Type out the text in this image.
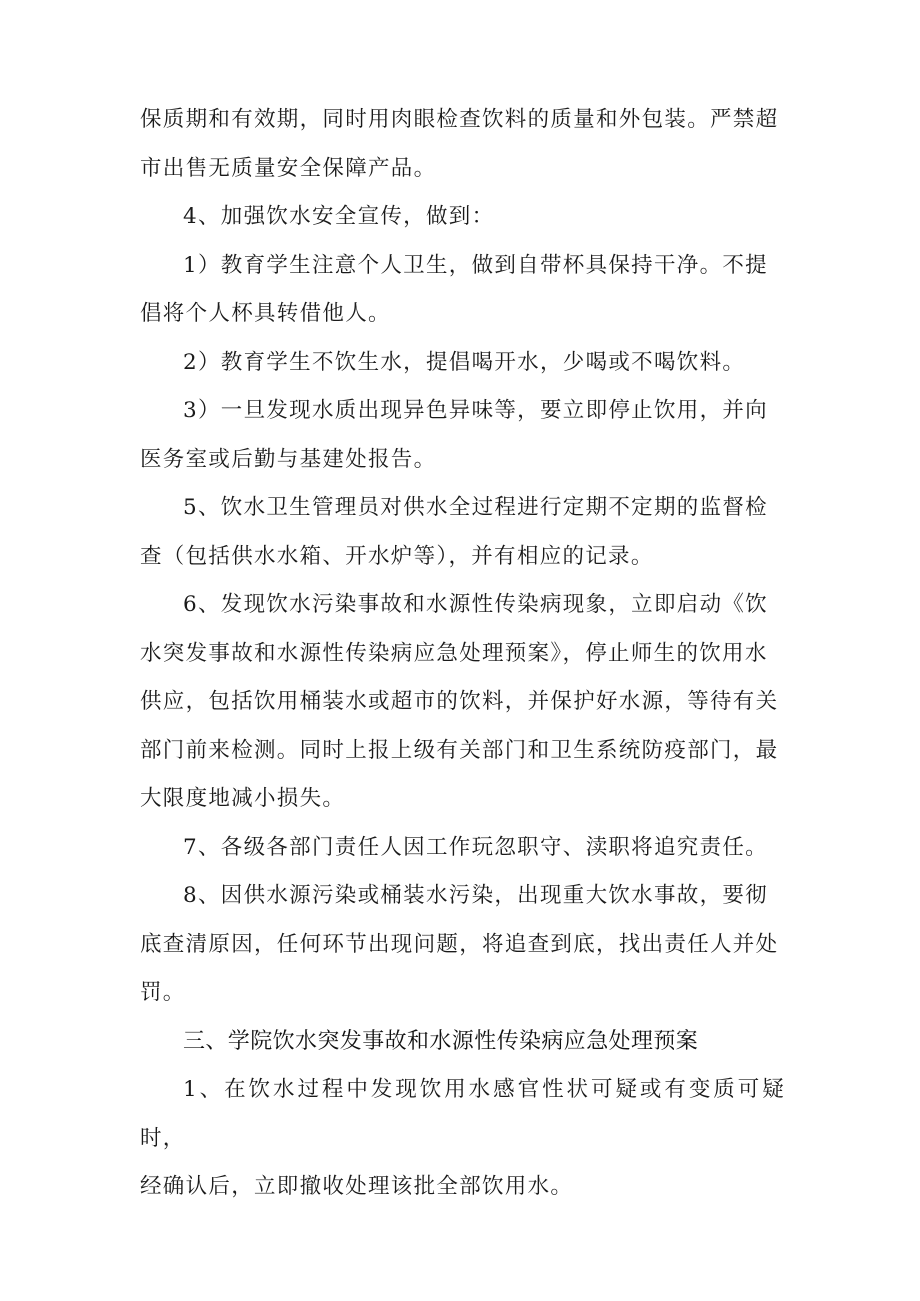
保质期和有效期，同时用肉眼检查饮料的质量和外包装。严禁超
市出售无质量安全保障产品。

4、加强饮水安全宣传，做到：

1）教育学生注意个人卫生，做到自带杯具保持干净。不提
倡将个人杯具转借他人。

2）教育学生不饮生水，提倡喝开水，少喝或不喝饮料。

3）一旦发现水质出现异色异味等，要立即停止饮用，并向
医务室或后勤与基建处报告。

5、饮水卫生管理员对供水全过程进行定期不定期的监督检
查（包括供水水箱、开水炉等），并有相应的记录。

6、发现饮水污染事故和水源性传染病现象，立即启动《饮
水突发事故和水源性传染病应急处理预案》，停止师生的饮用水
供应，包括饮用桶装水或超市的饮料，并保护好水源，等待有关
部门前来检测。同时上报上级有关部门和卫生系统防疫部门，最
大限度地减小损失。

7、各级各部门责任人因工作玩忽职守、渎职将追究责任。

8、因供水源污染或桶装水污染，出现重大饮水事故，要彻
底查清原因，任何环节出现问题，将追查到底，找出责任人并处
罚。

三、学院饮水突发事故和水源性传染病应急处理预案

1、在饮水过程中发现饮用水感官性状可疑或有变质可疑时，
经确认后，立即撤收处理该批全部饮用水。
